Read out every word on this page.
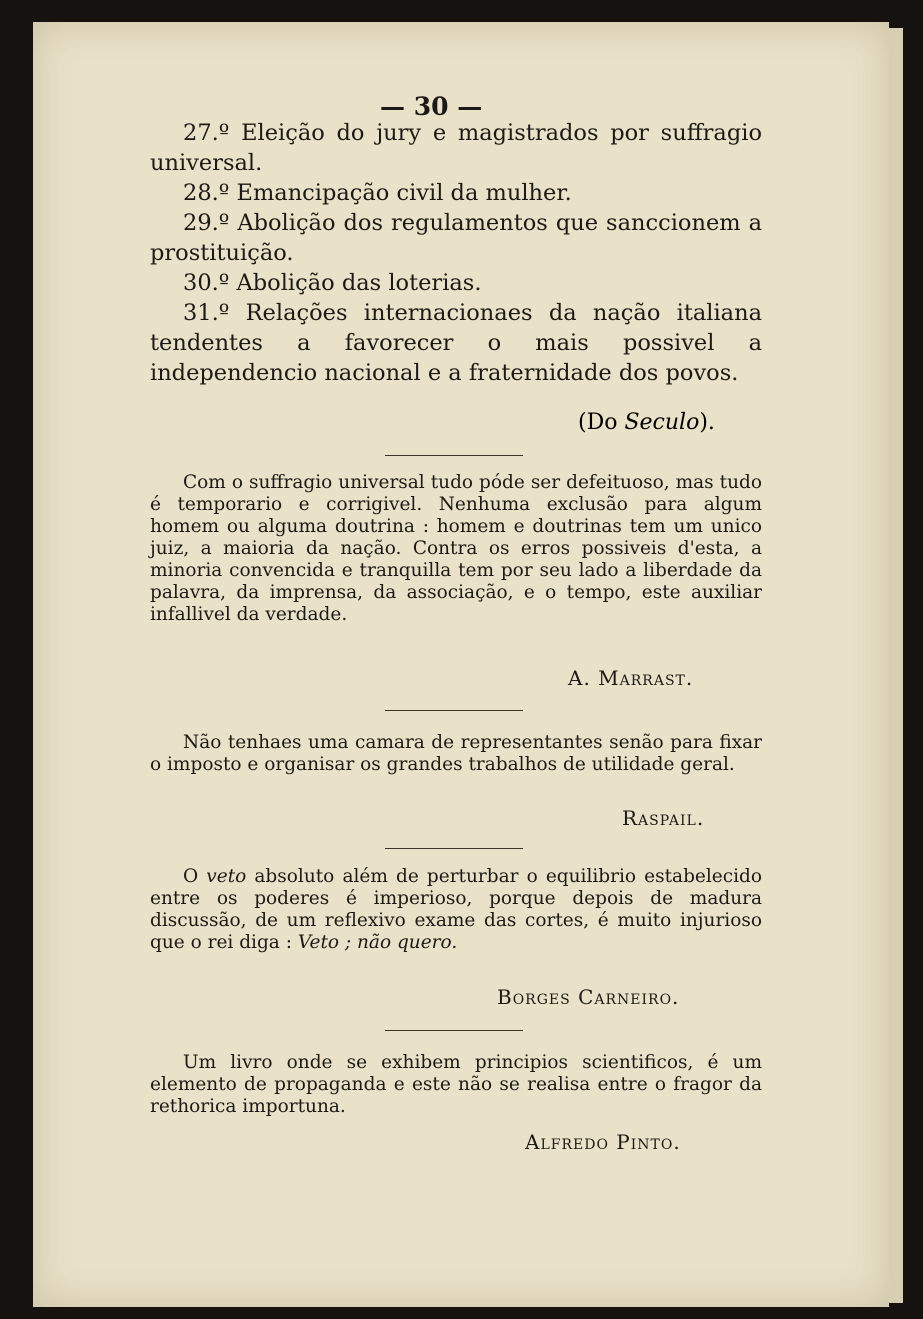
— 30 —

27.º Eleição do jury e magistrados por suffragio universal.

28.º Emancipação civil da mulher.

29.º Abolição dos regulamentos que sanccionem a prostituição.

30.º Abolição das loterias.

31.º Relações internacionaes da nação italiana tendentes a favorecer o mais possivel a independencio nacional e a fraternidade dos povos.

(Do Seculo).

Com o suffragio universal tudo póde ser defeituoso, mas tudo é temporario e corrigivel. Nenhuma exclusão para algum homem ou alguma doutrina : homem e doutrinas tem um unico juiz, a maioria da nação. Contra os erros possiveis d'esta, a minoria convencida e tranquilla tem por seu lado a liberdade da palavra, da imprensa, da associação, e o tempo, este auxiliar infallivel da verdade.

A. Marrast.

Não tenhaes uma camara de representantes senão para fixar o imposto e organisar os grandes trabalhos de utilidade geral.

Raspail.

O veto absoluto além de perturbar o equilibrio estabelecido entre os poderes é imperioso, porque depois de madura discussão, de um reflexivo exame das cortes, é muito injurioso que o rei diga : Veto ; não quero.

Borges Carneiro.

Um livro onde se exhibem principios scientificos, é um elemento de propaganda e este não se realisa entre o fragor da rethorica importuna.

Alfredo Pinto.
